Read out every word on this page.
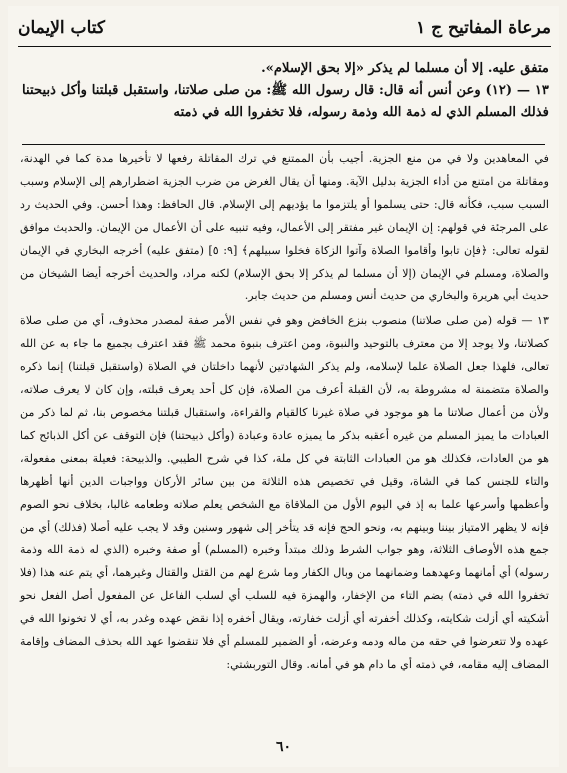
مرعاة المفاتيح ج ١
كتاب الإيمان

متفق عليه. إلا أن مسلما لم يذكر «إلا بحق الإسلام».

١٣ — (١٢) وعن أنس أنه قال: قال رسول الله ﷺ: من صلى صلاتنا، واستقبل قبلتنا وأكل ذبيحتنا فذلك المسلم الذي له ذمة الله وذمة رسوله، فلا تخفروا الله في ذمته

في المعاهدين ولا في من منع الجزية. أجيب بأن الممتنع في ترك المقاتلة رفعها لا تأخيرها مدة كما في الهدنة، ومقاتلة من امتنع من أداء الجزية بدليل الآية. ومنها أن يقال الغرض من ضرب الجزية اضطرارهم إلى الإسلام وسبب السبب سبب، فكأنه قال: حتى يسلموا أو يلتزموا ما يؤديهم إلى الإسلام. قال الحافظ: وهذا أحسن. وفي الحديث رد على المرجئة في قولهم: إن الإيمان غير مفتقر إلى الأعمال، وفيه تنبيه على أن الأعمال من الإيمان. والحديث موافق لقوله تعالى: ﴿فإن تابوا وأقاموا الصلاة وآتوا الزكاة فخلوا سبيلهم﴾ [٩: ٥] (متفق عليه) أخرجه البخاري في الإيمان والصلاة، ومسلم في الإيمان (إلا أن مسلما لم يذكر إلا بحق الإسلام) لكنه مراد، والحديث أخرجه أيضا الشيخان من حديث أبي هريرة والبخاري من حديث أنس ومسلم من حديث جابر.

١٣ — قوله (من صلى صلاتنا) منصوب بنزع الخافض وهو في نفس الأمر صفة لمصدر محذوف، أي من صلى صلاة كصلاتنا، ولا يوجد إلا من معترف بالتوحيد والنبوة، ومن اعترف بنبوة محمد ﷺ فقد اعترف بجميع ما جاء به عن الله تعالى، فلهذا جعل الصلاة علما لإسلامه، ولم يذكر الشهادتين لأنهما داخلتان في الصلاة (واستقبل قبلتنا) إنما ذكره والصلاة متضمنة له مشروطة به، لأن القبلة أعرف من الصلاة، فإن كل أحد يعرف قبلته، وإن كان لا يعرف صلاته، ولأن من أعمال صلاتنا ما هو موجود في صلاة غيرنا كالقيام والقراءة، واستقبال قبلتنا مخصوص بنا، ثم لما ذكر من العبادات ما يميز المسلم من غيره أعقبه بذكر ما يميزه عادة وعبادة (وأكل ذبيحتنا) فإن التوقف عن أكل الذبائح كما هو من العادات، فكذلك هو من العبادات الثابتة في كل ملة، كذا في شرح الطيبي. والذبيحة: فعيلة بمعنى مفعولة، والتاء للجنس كما في الشاة، وقيل في تخصيص هذه الثلاثة من بين سائر الأركان وواجبات الدين أنها أظهرها وأعظمها وأسرعها علما به إذ في اليوم الأول من الملاقاة مع الشخص يعلم صلاته وطعامه غالبا، بخلاف نحو الصوم فإنه لا يظهر الامتياز بيننا وبينهم به، ونحو الحج فإنه قد يتأخر إلى شهور وسنين وقد لا يجب عليه أصلا (فذلك) أي من جمع هذه الأوصاف الثلاثة، وهو جواب الشرط وذلك مبتدأ وخبره (المسلم) أو صفة وخبره (الذي له ذمة الله وذمة رسوله) أي أمانهما وعهدهما وضمانهما من وبال الكفار وما شرع لهم من القتل والقتال وغيرهما، أي يتم عنه هذا (فلا تخفروا الله في ذمته) بضم التاء من الإخفار، والهمزة فيه للسلب أي لسلب الفاعل عن المفعول أصل الفعل نحو أشكيته أي أزلت شكايته، وكذلك أخفرته أي أزلت خفارته، ويقال أخفره إذا نقض عهده وغدر به، أي لا تخونوا الله في عهده ولا تتعرضوا في حقه من ماله ودمه وعرضه، أو الضمير للمسلم أي فلا تنقضوا عهد الله بحذف المضاف وإقامة المضاف إليه مقامه، في ذمته أي ما دام هو في أمانه. وقال التوربشتي:

٦٠
